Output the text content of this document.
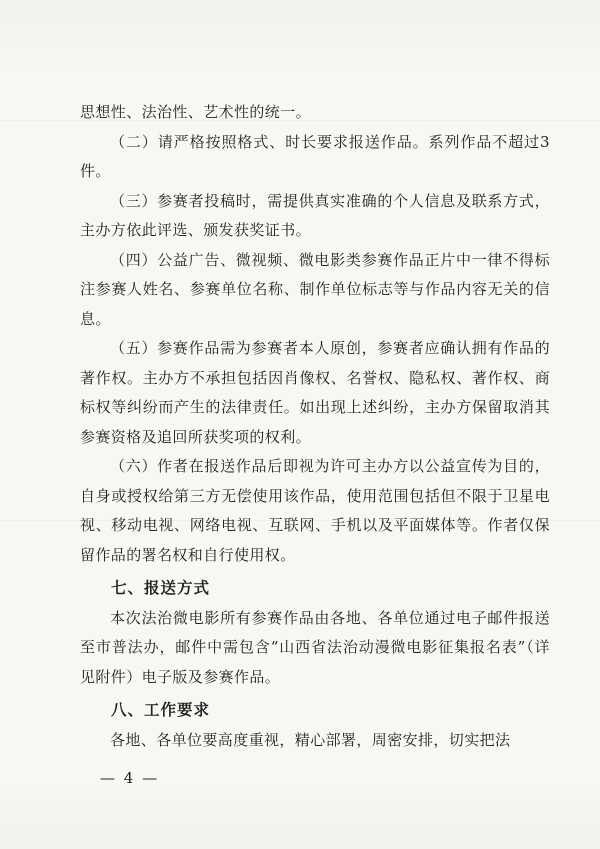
思想性、法治性、艺术性的统一。

（二）请严格按照格式、时长要求报送作品。系列作品不超过3件。

（三）参赛者投稿时，需提供真实准确的个人信息及联系方式，主办方依此评选、颁发获奖证书。

（四）公益广告、微视频、微电影类参赛作品正片中一律不得标注参赛人姓名、参赛单位名称、制作单位标志等与作品内容无关的信息。

（五）参赛作品需为参赛者本人原创，参赛者应确认拥有作品的著作权。主办方不承担包括因肖像权、名誉权、隐私权、著作权、商标权等纠纷而产生的法律责任。如出现上述纠纷，主办方保留取消其参赛资格及追回所获奖项的权利。

（六）作者在报送作品后即视为许可主办方以公益宣传为目的，自身或授权给第三方无偿使用该作品，使用范围包括但不限于卫星电视、移动电视、网络电视、互联网、手机以及平面媒体等。作者仅保留作品的署名权和自行使用权。

七、报送方式

本次法治微电影所有参赛作品由各地、各单位通过电子邮件报送至市普法办，邮件中需包含“山西省法治动漫微电影征集报名表”（详见附件）电子版及参赛作品。

八、工作要求

各地、各单位要高度重视，精心部署，周密安排，切实把法

— 4 —
